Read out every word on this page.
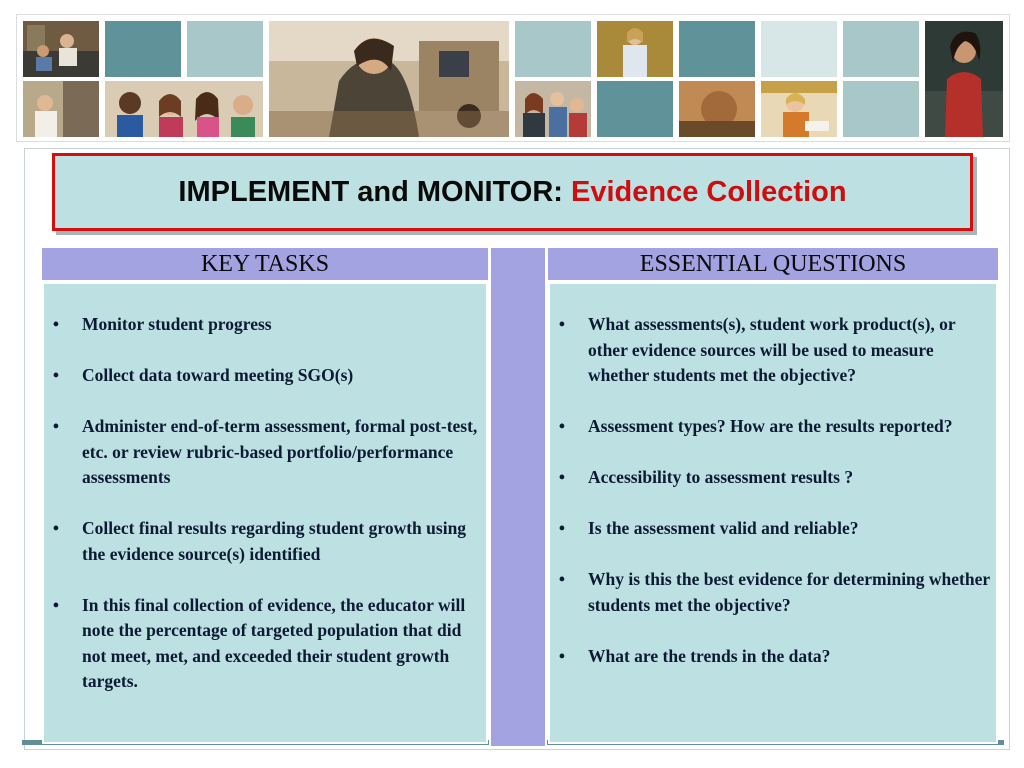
IMPLEMENT and MONITOR: Evidence Collection
KEY TASKS	ESSENTIAL QUESTIONS
• Monitor student progress
• Collect data toward meeting SGO(s)
• Administer end-of-term assessment, formal post-test, etc. or review rubric-based portfolio/performance assessments
• Collect final results regarding student growth using the evidence source(s) identified
• In this final collection of evidence, the educator will note the percentage of targeted population that did not meet, met, and exceeded their student growth targets.
• What assessments(s), student work product(s), or other evidence sources will be used to measure whether students met the objective?
• Assessment types? How are the results reported?
• Accessibility to assessment results ?
• Is the assessment valid and reliable?
• Why is this the best evidence for determining whether students met the objective?
• What are the trends in the data?
